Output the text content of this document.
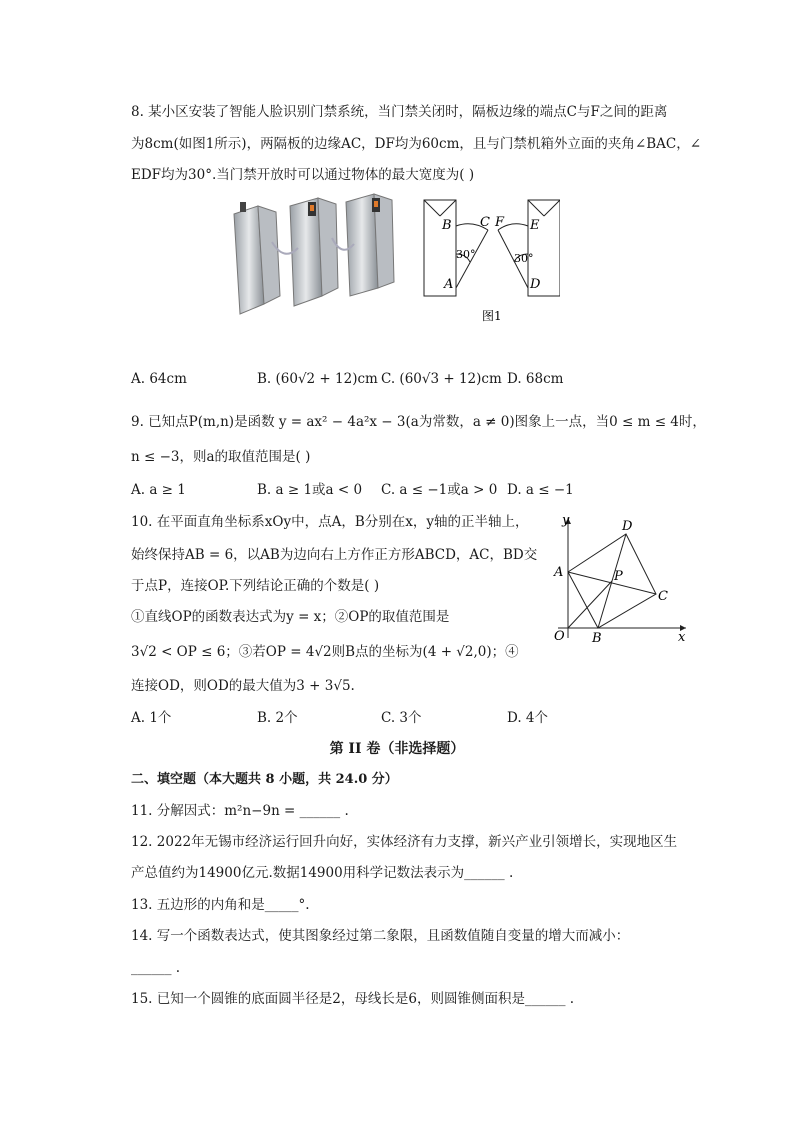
8. 某小区安装了智能人脸识别门禁系统，当门禁关闭时，隔板边缘的端点C与F之间的距离
为8cm(如图1所示)，两隔板的边缘AC，DF均为60cm，且与门禁机箱外立面的夹角∠BAC，∠
EDF均为30°.当门禁开放时可以通过物体的最大宽度为( )
B C F E
A	D
30°	30°
图1
A. 64cm	B. (60√2 + 12)cm C. (60√3 + 12)cm D. 68cm
9. 已知点P(m,n)是函数 y = ax² − 4a²x − 3(a为常数，a ≠ 0)图象上一点，当0 ≤ m ≤ 4时，
n ≤ −3，则a的取值范围是( )
A. a ≥ 1	B. a ≥ 1或a < 0 C. a ≤ −1或a > 0 D. a ≤ −1
10. 在平面直角坐标系xOy中，点A，B分别在x，y轴的正半轴上，
始终保持AB = 6，以AB为边向右上方作正方形ABCD，AC，BD交
于点P，连接OP.下列结论正确的个数是( )
①直线OP的函数表达式为y = x；②OP的取值范围是
3√2 < OP ≤ 6；③若OP = 4√2则B点的坐标为(4 + √2,0)；④
连接OD，则OD的最大值为3 + 3√5.
y
x
O
A
B
C
D
P
A. 1个	B. 2个	C. 3个	D. 4个
第 II 卷（非选择题）
二、填空题（本大题共 8 小题，共 24.0 分）
11. 分解因式：m²n−9n = ______ .
12. 2022年无锡市经济运行回升向好，实体经济有力支撑，新兴产业引领增长，实现地区生
产总值约为14900亿元.数据14900用科学记数法表示为______ .
13. 五边形的内角和是_____°.
14. 写一个函数表达式，使其图象经过第二象限，且函数值随自变量的增大而减小：
______ .
15. 已知一个圆锥的底面圆半径是2，母线长是6，则圆锥侧面积是______ .
